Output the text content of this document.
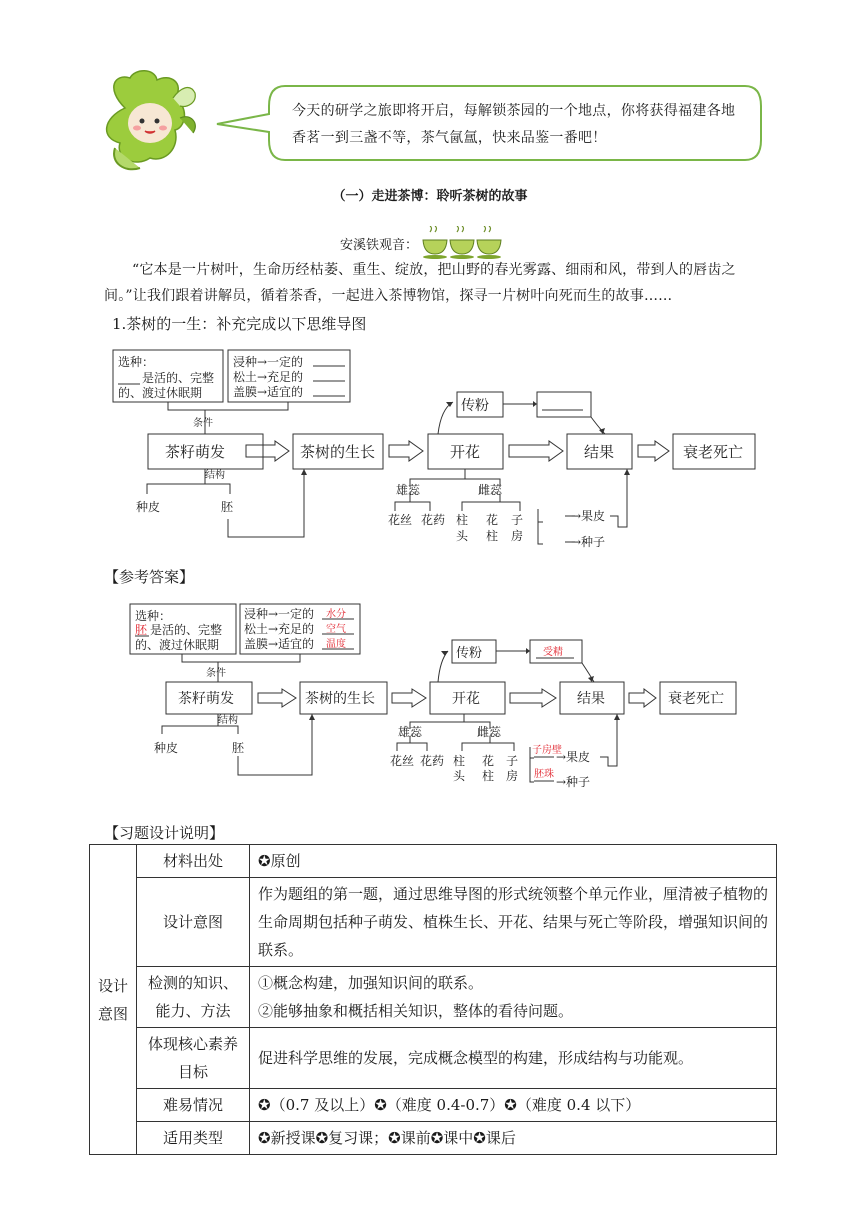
今天的研学之旅即将开启，每解锁茶园的一个地点，你将获得福建各地香茗一到三盏不等，茶气氤氲，快来品鉴一番吧！
（一）走进茶博：聆听茶树的故事
安溪铁观音：
“它本是一片树叶，生命历经枯萎、重生、绽放，把山野的春光雾露、细雨和风，带到人的唇齿之间。”让我们跟着讲解员，循着茶香，一起进入茶博物馆，探寻一片树叶向死而生的故事……
1.茶树的一生：补充完成以下思维导图
选种：
是活的、完整
的、渡过休眠期
浸种→一定的
松土→充足的
盖膜→适宜的
条件
结构
种皮	胚
传粉
雄蕊	雌蕊
花丝 花药 柱
头
花
柱
子
房
→果皮
→种子
茶籽萌发	茶树的生长	开花	结果	衰老死亡
【参考答案】
选种：
胚 是活的、完整
的、渡过休眠期
浸种→一定的
松土→充足的
盖膜→适宜的
水分
空气
温度
条件
结构
种皮	胚
传粉	受精
雄蕊	雌蕊
花丝 花药 柱
头
花
柱
子
房
子房壁
→果皮
胚珠
→种子
茶籽萌发	茶树的生长	开花	结果	衰老死亡
【习题设计说明】
设计意图	材料出处	✪原创
	设计意图	作为题组的第一题，通过思维导图的形式统领整个单元作业，厘清被子植物的生命周期包括种子萌发、植株生长、开花、结果与死亡等阶段，增强知识间的联系。
	检测的知识、能力、方法	①概念构建，加强知识间的联系。
②能够抽象和概括相关知识，整体的看待问题。

	体现核心素养目标	促进科学思维的发展，完成概念模型的构建，形成结构与功能观。
	难易情况	✪（0.7 及以上）✪（难度 0.4-0.7）✪（难度 0.4 以下）
	适用类型	✪新授课✪复习课；✪课前✪课中✪课后
